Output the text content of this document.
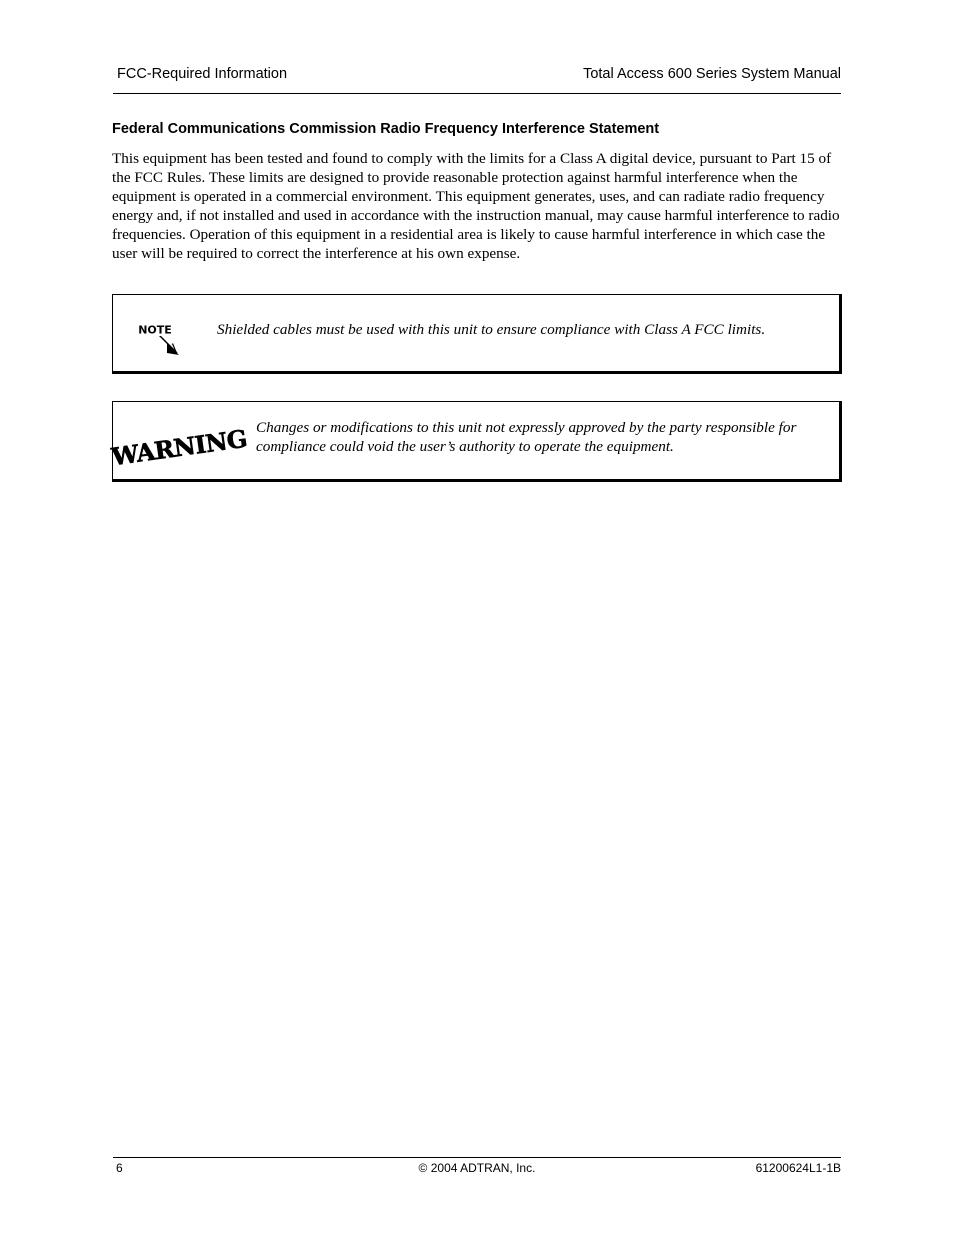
FCC-Required Information	Total Access 600 Series System Manual
Federal Communications Commission Radio Frequency Interference Statement

This equipment has been tested and found to comply with the limits for a Class A digital device, pursuant to Part 15 of the FCC Rules. These limits are designed to provide reasonable protection against harmful interference when the equipment is operated in a commercial environment. This equipment generates, uses, and can radiate radio frequency energy and, if not installed and used in accordance with the instruction manual, may cause harmful interference to radio frequencies. Operation of this equipment in a residential area is likely to cause harmful interference in which case the user will be required to correct the interference at his own expense.

NOTE	Shielded cables must be used with this unit to ensure compliance with Class A FCC limits.
WARNING Changes or modifications to this unit not expressly approved by the party responsible for compliance could void the user’s authority to operate the equipment.
6	© 2004 ADTRAN, Inc.	61200624L1-1B
